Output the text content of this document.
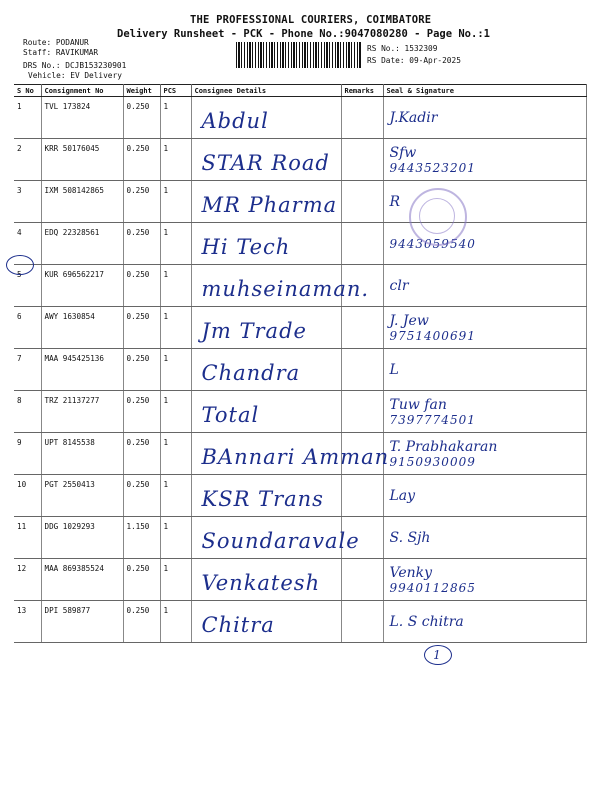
THE PROFESSIONAL COURIERS, COIMBATORE
Delivery Runsheet - PCK - Phone No.:9047080280 - Page No.:1
Route: PODANUR
Staff: RAVIKUMAR
DRS No.: DCJB153230901
Vehicle: EV Delivery
RS No.: 1532309
RS Date: 09-Apr-2025
S No	Consignment No	Weight	PCS	Consignee Details	Remarks	Seal & Signature
1	TVL 173824	0.250	1	Abdul		J.Kadir

2	KRR 50176045	0.250	1	STAR Road		Sfw
9443523201

3	IXM 508142865	0.250	1	MR Pharma		R

4	EDQ 22328561	0.250	1	Hi Tech		9443059540

5	KUR 696562217	0.250	1	muhseinaman.		clr

6	AWY 1630854	0.250	1	Jm Trade		J. Jew
9751400691

7	MAA 945425136	0.250	1	Chandra		L

8	TRZ 21137277	0.250	1	Total		Tuw fan
7397774501

9	UPT 8145538	0.250	1	BAnnari Amman		T. Prabhakaran
9150930009

10	PGT 2550413	0.250	1	KSR Trans		Lay

11	DDG 1029293	1.150	1	Soundaravale		S. Sjh

12	MAA 869385524	0.250	1	Venkatesh		Venky
9940112865

13	DPI 589877	0.250	1	Chitra		L. S chitra
1
